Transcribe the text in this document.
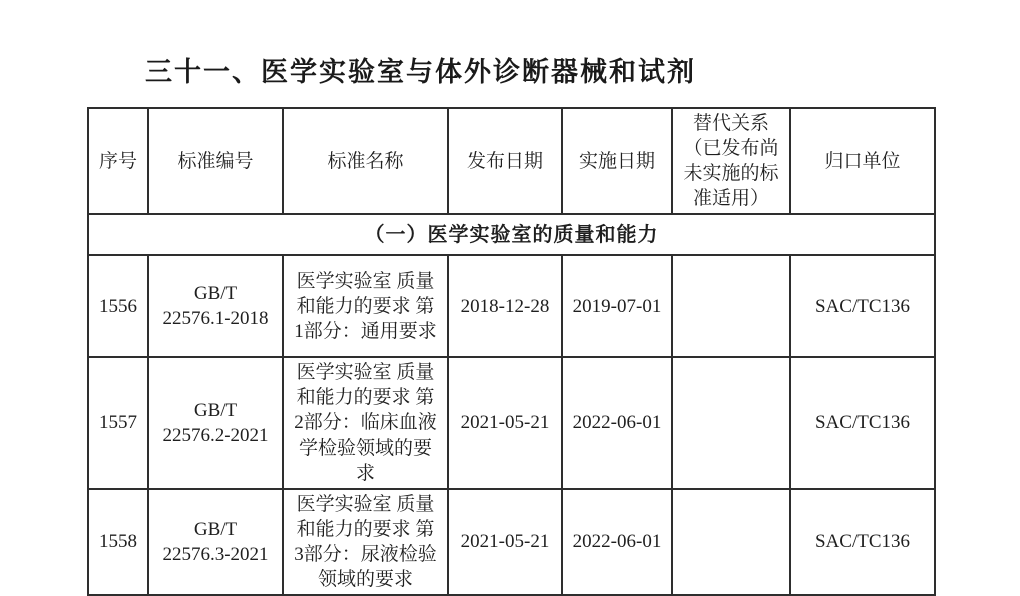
三十一、医学实验室与体外诊断器械和试剂
序号	标准编号	标准名称	发布日期	实施日期	替代关系（已发布尚未实施的标准适用）	归口单位
（一）医学实验室的质量和能力						
1556	GB/T 22576.1-2018	医学实验室 质量和能力的要求 第1部分：通用要求	2018-12-28	2019-07-01		SAC/TC136
1557	GB/T 22576.2-2021	医学实验室 质量和能力的要求 第2部分：临床血液学检验领域的要求	2021-05-21	2022-06-01		SAC/TC136
1558	GB/T 22576.3-2021	医学实验室 质量和能力的要求 第3部分：尿液检验领域的要求	2021-05-21	2022-06-01		SAC/TC136
